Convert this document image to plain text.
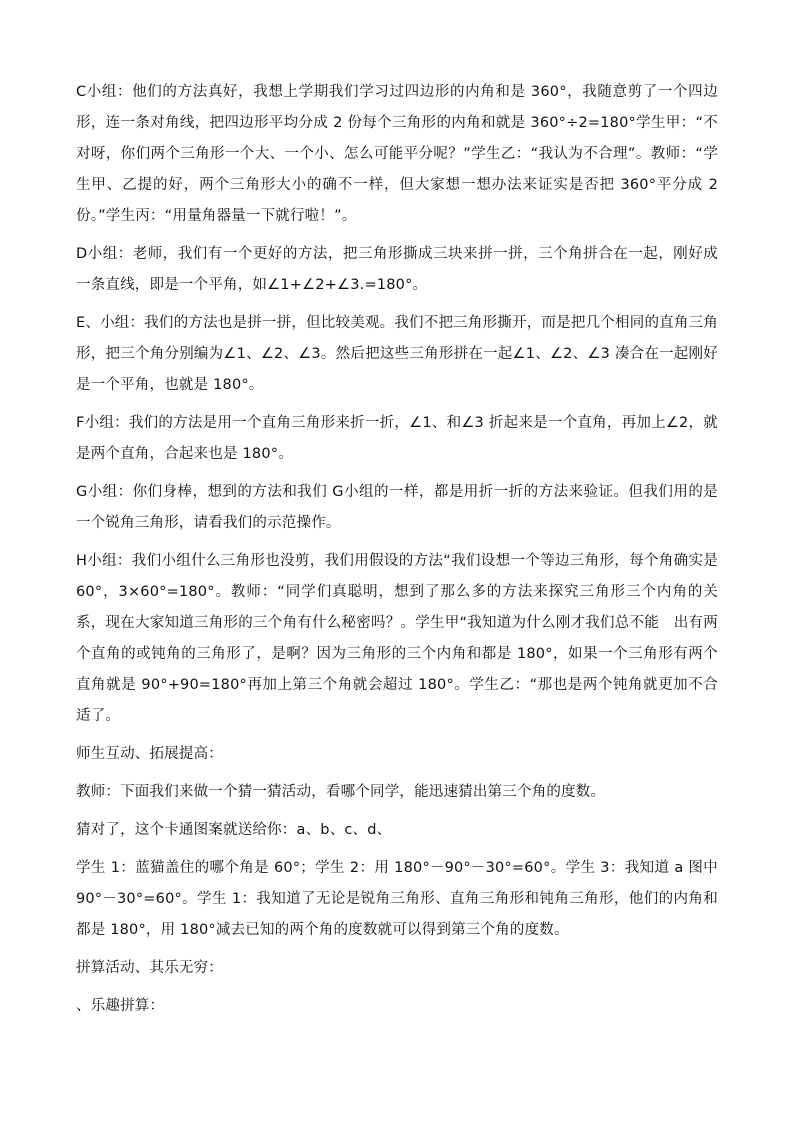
C小组：他们的方法真好，我想上学期我们学习过四边形的内角和是 360°，我随意剪了一个四边形，连一条对角线，把四边形平均分成 2 份每个三角形的内角和就是 360°÷2=180°学生甲：“不对呀，你们两个三角形一个大、一个小、怎么可能平分呢？”学生乙：“我认为不合理”。教师：“学生甲、乙提的好，两个三角形大小的确不一样，但大家想一想办法来证实是否把 360°平分成 2 份。”学生丙：“用量角器量一下就行啦！”。

D小组：老师，我们有一个更好的方法，把三角形撕成三块来拼一拼，三个角拼合在一起，刚好成一条直线，即是一个平角，如∠1+∠2+∠3.=180°。

E、小组：我们的方法也是拼一拼，但比较美观。我们不把三角形撕开，而是把几个相同的直角三角形，把三个角分别编为∠1、∠2、∠3。然后把这些三角形拼在一起∠1、∠2、∠3 凑合在一起刚好是一个平角，也就是 180°。

F小组：我们的方法是用一个直角三角形来折一折，∠1、和∠3 折起来是一个直角，再加上∠2，就是两个直角，合起来也是 180°。

G小组：你们身棒，想到的方法和我们 G小组的一样，都是用折一折的方法来验证。但我们用的是一个锐角三角形，请看我们的示范操作。

H小组：我们小组什么三角形也没剪，我们用假设的方法“我们设想一个等边三角形，每个角确实是 60°，3×60°=180°。教师：“同学们真聪明，想到了那么多的方法来探究三角形三个内角的关系，现在大家知道三角形的三个角有什么秘密吗？。学生甲“我知道为什么刚才我们总不能　出有两个直角的或钝角的三角形了，是啊？因为三角形的三个内角和都是 180°，如果一个三角形有两个直角就是 90°+90=180°再加上第三个角就会超过 180°。学生乙：“那也是两个钝角就更加不合适了。

师生互动、拓展提高：

教师：下面我们来做一个猜一猜活动，看哪个同学，能迅速猜出第三个角的度数。

猜对了，这个卡通图案就送给你：a、b、c、d、

学生 1：蓝猫盖住的哪个角是 60°；学生 2：用 180°－90°－30°=60°。学生 3：我知道 a 图中 90°－30°=60°。学生 1：我知道了无论是锐角三角形、直角三角形和钝角三角形，他们的内角和都是 180°，用 180°减去已知的两个角的度数就可以得到第三个角的度数。

拼算活动、其乐无穷：

、乐趣拼算：
